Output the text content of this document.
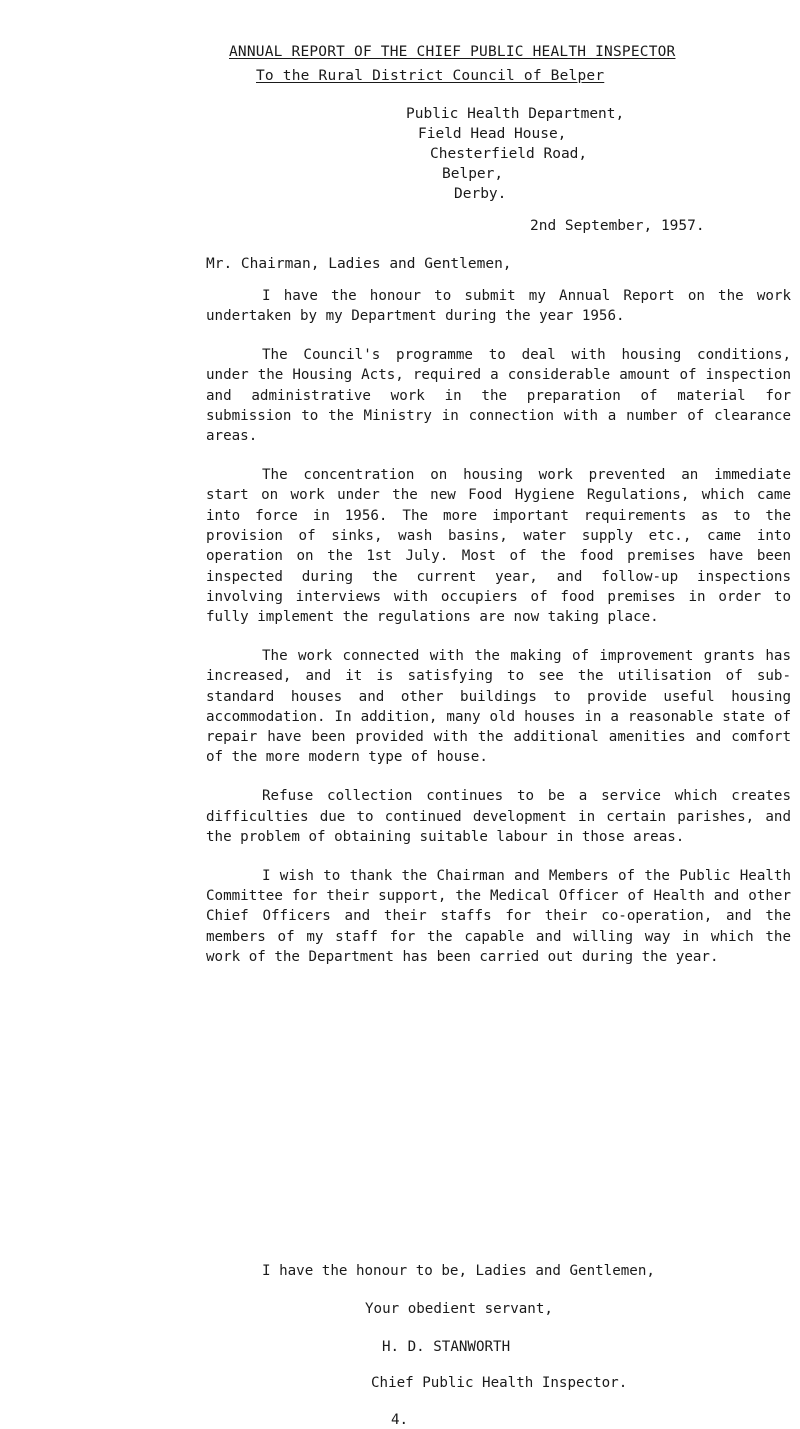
ANNUAL REPORT OF THE CHIEF PUBLIC HEALTH INSPECTOR
To the Rural District Council of Belper
Public Health Department,
Field Head House,
Chesterfield Road,
Belper,
Derby.
2nd September, 1957.
Mr. Chairman, Ladies and Gentlemen,

I have the honour to submit my Annual Report on the work undertaken by my Department during the year 1956.

The Council's programme to deal with housing conditions, under the Housing Acts, required a considerable amount of inspection and administrative work in the preparation of material for submission to the Ministry in connection with a number of clearance areas.

The concentration on housing work prevented an immediate start on work under the new Food Hygiene Regulations, which came into force in 1956. The more important requirements as to the provision of sinks, wash basins, water supply etc., came into operation on the 1st July. Most of the food premises have been inspected during the current year, and follow-up inspections involving interviews with occupiers of food premises in order to fully implement the regulations are now taking place.

The work connected with the making of improvement grants has increased, and it is satisfying to see the utilisation of sub-standard houses and other buildings to provide useful housing accommodation. In addition, many old houses in a reasonable state of repair have been provided with the additional amenities and comfort of the more modern type of house.

Refuse collection continues to be a service which creates difficulties due to continued development in certain parishes, and the problem of obtaining suitable labour in those areas.

I wish to thank the Chairman and Members of the Public Health Committee for their support, the Medical Officer of Health and other Chief Officers and their staffs for their co-operation, and the members of my staff for the capable and willing way in which the work of the Department has been carried out during the year.

I have the honour to be, Ladies and Gentlemen,
Your obedient servant,
H. D. STANWORTH
Chief Public Health Inspector.
4.
